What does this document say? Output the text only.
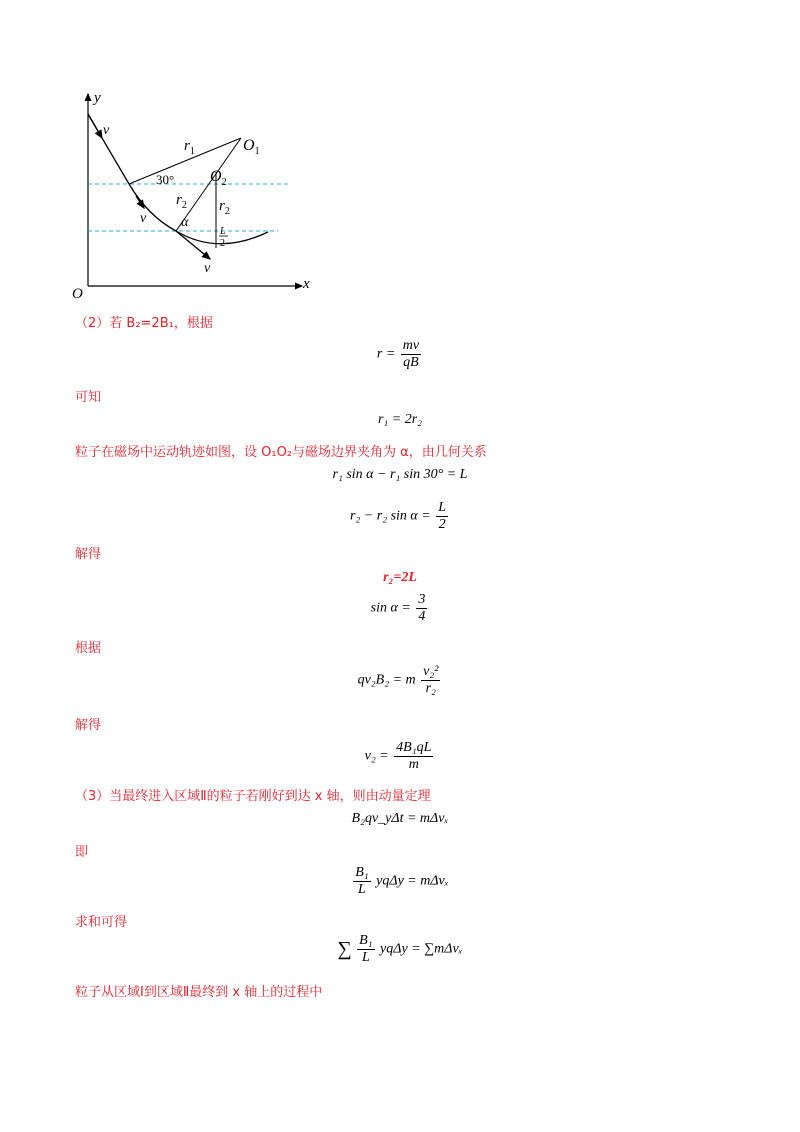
y
x
O
v
v
v
$r_1$	$O_1$
$O_2$
30°
$r_2$ $r_2$
α
L
2
（2）若 B₂=2B₁，根据
$r = \frac{mv}{qB}$
可知
r₁ = 2r₂
粒子在磁场中运动轨迹如图，设 O₁O₂与磁场边界夹角为 α，由几何关系
r₁ sin α − r₁ sin 30° = L
r₂ − r₂ $\sin \alpha = \frac{L}{2}$
解得
r₂=2L
$\sin \alpha = \frac{3}{4}$
根据
qv₂B₂ = m $\frac{\text{v₂²}}{\text{r₂}}$
解得
$v_2 = \frac{\text{4B₁qL}}{m}$
（3）当最终进入区域Ⅱ的粒子若刚好到达 x 轴，则由动量定理
B₂qv_yΔt = mΔvₓ
即
$\frac{\text{B₁}}{L}$ yqΔy = mΔvₓ
求和可得
∑ $\frac{\text{B₁}}{L}$ yqΔy = ∑mΔvₓ
粒子从区域Ⅰ到区域Ⅱ最终到 x 轴上的过程中
